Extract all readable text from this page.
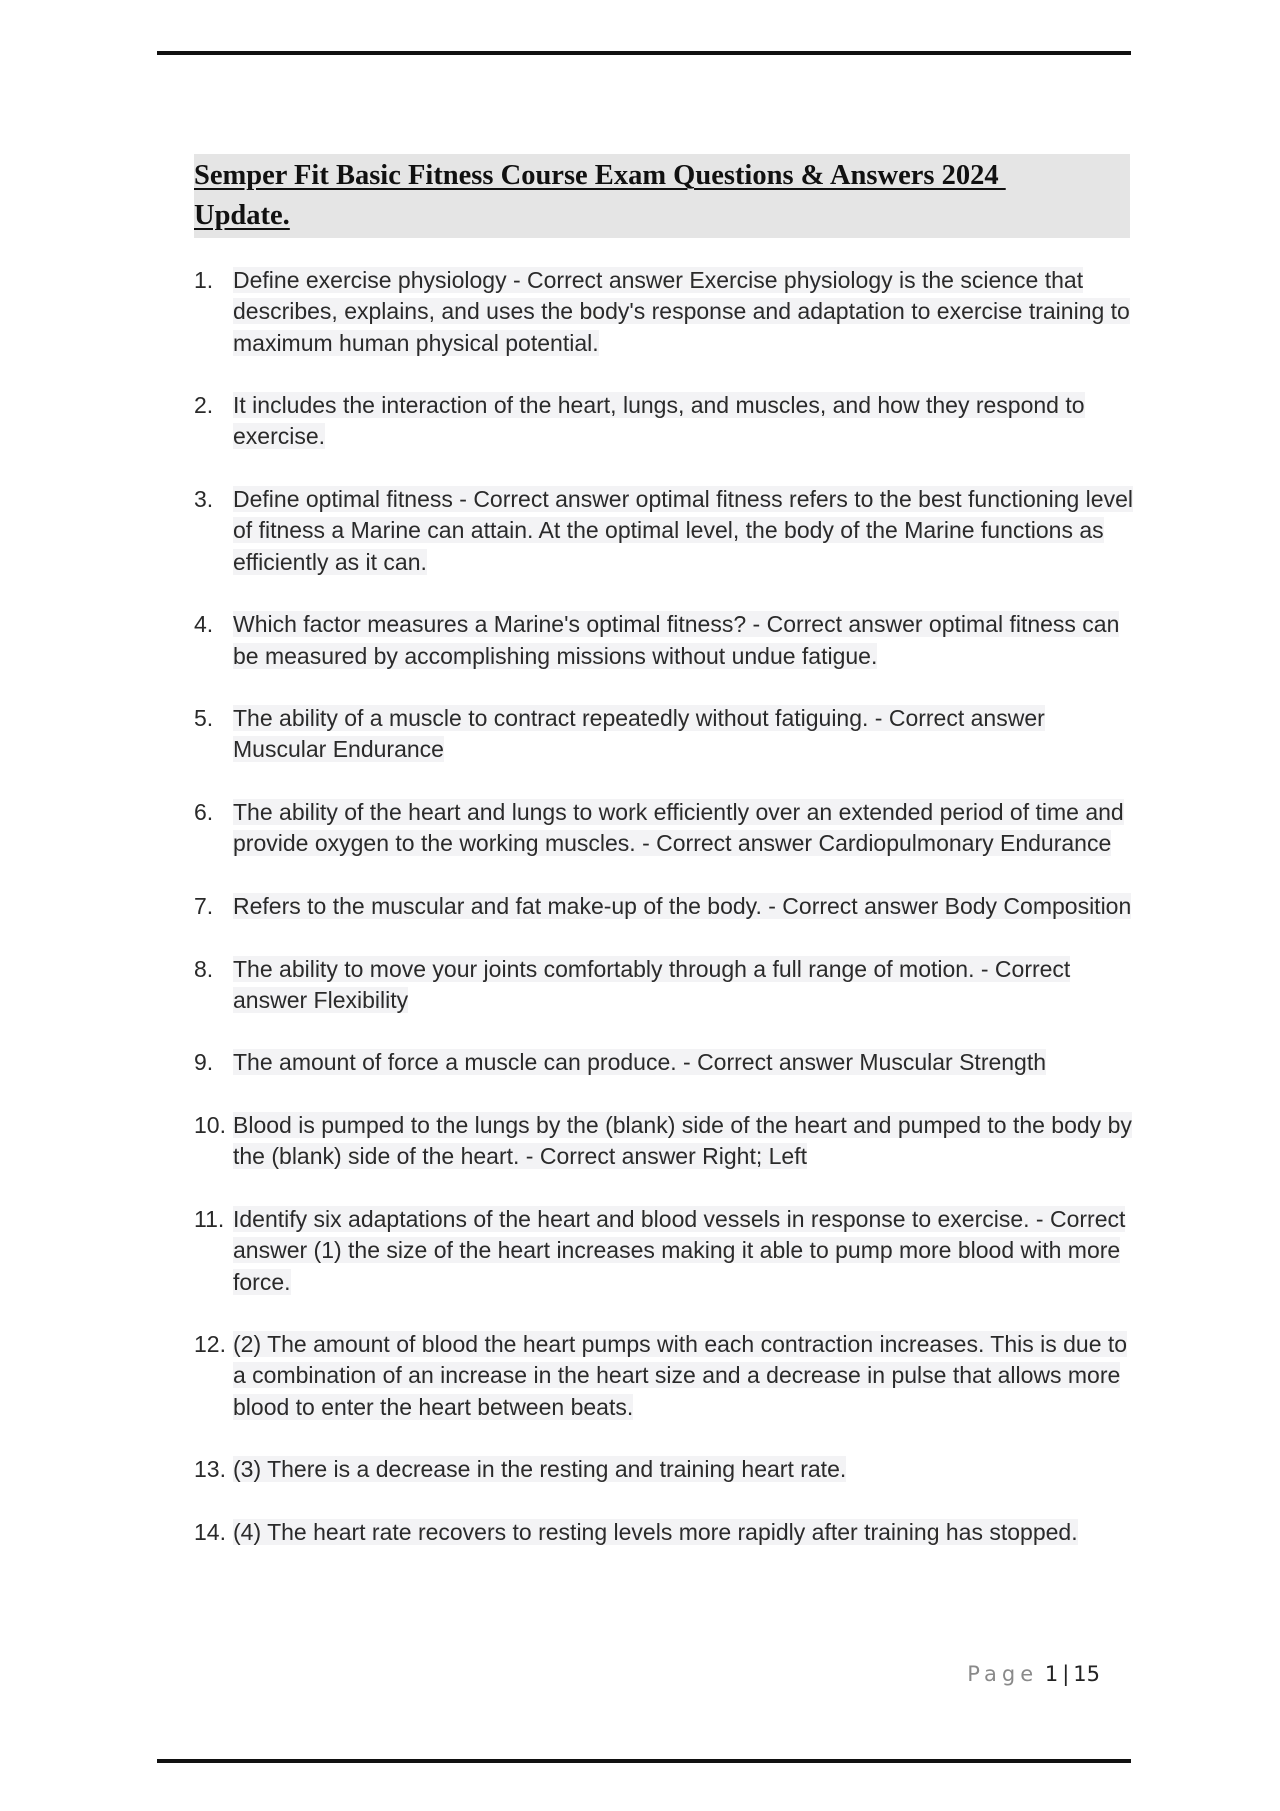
Semper Fit Basic Fitness Course Exam Questions & Answers 2024
Update.
1. Define exercise physiology - Correct answer Exercise physiology is the science that describes, explains, and uses the body's response and adaptation to exercise training to maximum human physical potential.
2. It includes the interaction of the heart, lungs, and muscles, and how they respond to exercise.
3. Define optimal fitness - Correct answer optimal fitness refers to the best functioning level of fitness a Marine can attain. At the optimal level, the body of the Marine functions as efficiently as it can.
4. Which factor measures a Marine's optimal fitness? - Correct answer optimal fitness can be measured by accomplishing missions without undue fatigue.
5. The ability of a muscle to contract repeatedly without fatiguing. - Correct answer Muscular Endurance
6. The ability of the heart and lungs to work efficiently over an extended period of time and provide oxygen to the working muscles. - Correct answer Cardiopulmonary Endurance
7. Refers to the muscular and fat make-up of the body. - Correct answer Body Composition
8. The ability to move your joints comfortably through a full range of motion. - Correct answer Flexibility
9. The amount of force a muscle can produce. - Correct answer Muscular Strength
10. Blood is pumped to the lungs by the (blank) side of the heart and pumped to the body by the (blank) side of the heart. - Correct answer Right; Left
11. Identify six adaptations of the heart and blood vessels in response to exercise. - Correct answer (1) the size of the heart increases making it able to pump more blood with more force.
12. (2) The amount of blood the heart pumps with each contraction increases. This is due to a combination of an increase in the heart size and a decrease in pulse that allows more blood to enter the heart between beats.
13. (3) There is a decrease in the resting and training heart rate.
14. (4) The heart rate recovers to resting levels more rapidly after training has stopped.
Page 1 | 15
